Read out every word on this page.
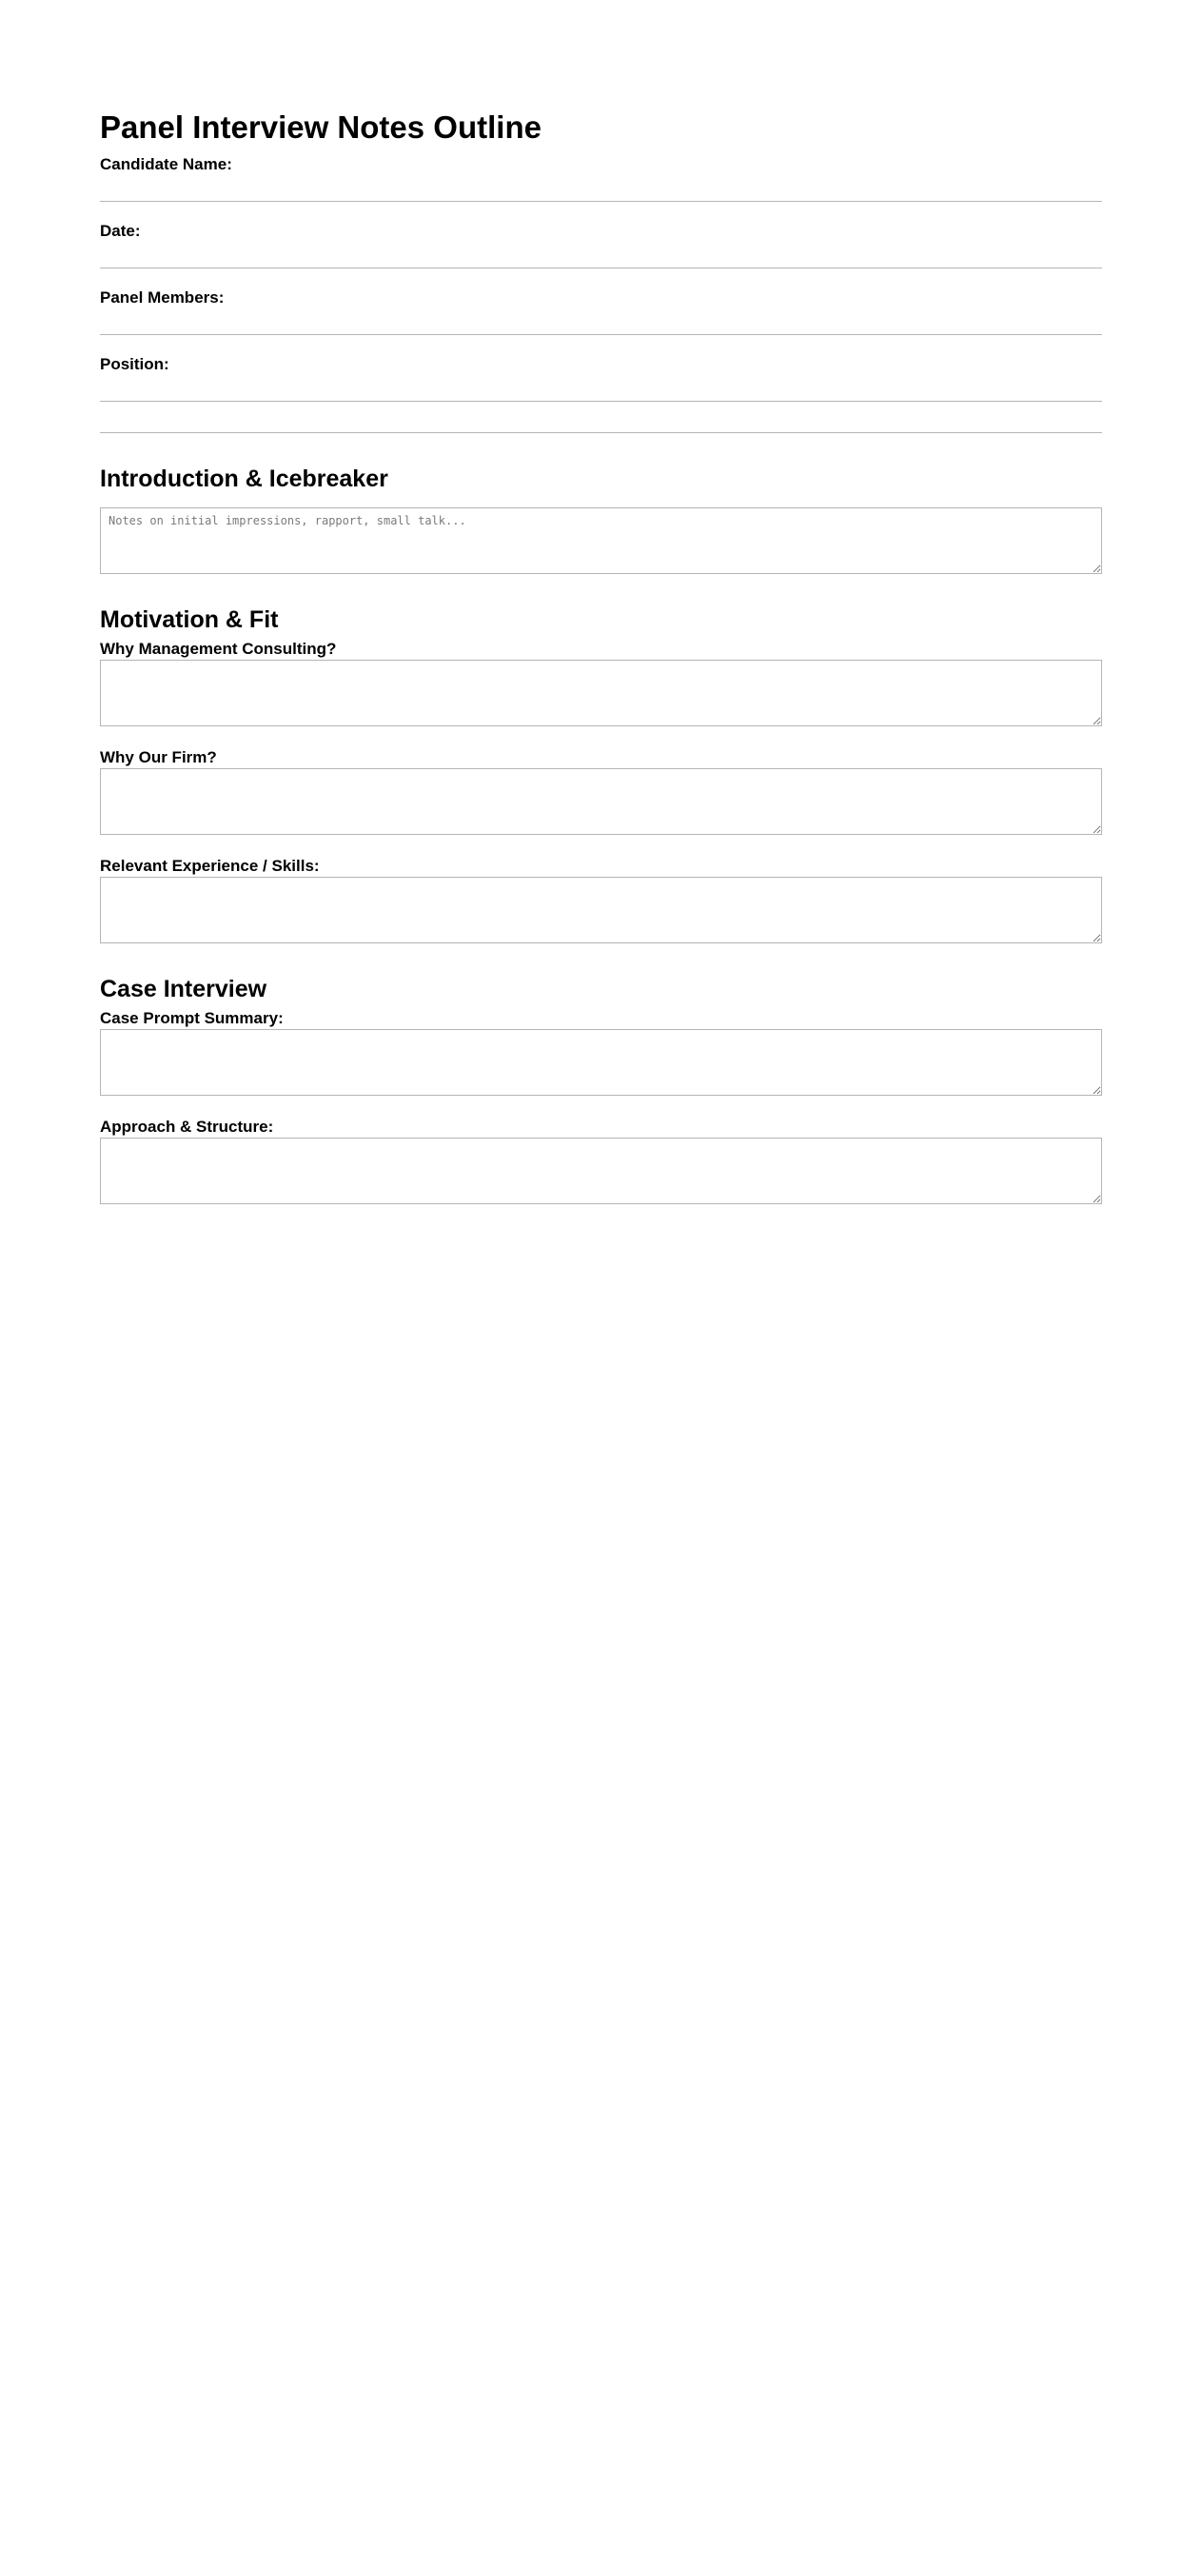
Panel Interview Notes Outline
Candidate Name:
Date:
Panel Members:
Position:
Introduction & Icebreaker
Notes on initial impressions, rapport, small talk...
Motivation & Fit
Why Management Consulting?
Why Our Firm?
Relevant Experience / Skills:
Case Interview
Case Prompt Summary:
Approach & Structure:
